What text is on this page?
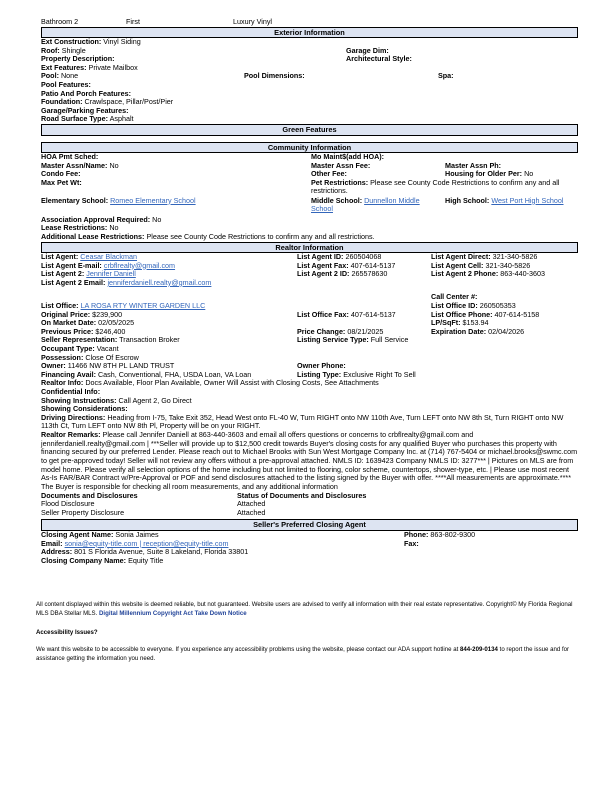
Bathroom 2	First	Luxury Vinyl
Exterior Information
Ext Construction: Vinyl Siding
Roof: Shingle	Garage Dim:
Property Description:	Architectural Style:
Ext Features: Private Mailbox
Pool: None	Pool Dimensions:	Spa:
Pool Features:
Patio And Porch Features:
Foundation: Crawlspace, Pillar/Post/Pier
Garage/Parking Features:
Road Surface Type: Asphalt
Green Features
Community Information
HOA Pmt Sched:	Mo Maint$(add HOA):
Master Assn/Name: No	Master Assn Fee:	Master Assn Ph:
Condo Fee:	Other Fee:	Housing for Older Per: No
Max Pet Wt:	Pet Restrictions: Please see County Code Restrictions to confirm any and all restrictions.
Elementary School: Romeo Elementary School	Middle School: Dunnellon Middle School
High School: West Port High School
Association Approval Required: No
Lease Restrictions: No
Additional Lease Restrictions: Please see County Code Restrictions to confirm any and all restrictions.
Realtor Information
List Agent: Ceasar Blackman	List Agent ID: 260504068	List Agent Direct: 321-340-5826
List Agent E-mail: crbflrealty@gmail.com	List Agent Fax: 407-614-5137	List Agent Cell: 321-340-5826
List Agent 2: Jennifer Daniell	List Agent 2 ID: 265578630	List Agent 2 Phone: 863-440-3603
List Agent 2 Email: jenniferdaniell.realty@gmail.com
Call Center #:
List Office: LA ROSA RTY WINTER GARDEN LLC	List Office ID: 260505353
Original Price: $239,900	List Office Fax: 407-614-5137	List Office Phone: 407-614-5158
On Market Date: 02/05/2025	LP/SqFt: $153.94
Previous Price: $246,400	Price Change: 08/21/2025	Expiration Date: 02/04/2026
Seller Representation: Transaction Broker	Listing Service Type: Full Service
Occupant Type: Vacant
Possession: Close Of Escrow
Owner: 11466 NW 8TH PL LAND TRUST	Owner Phone:
Financing Avail: Cash, Conventional, FHA, USDA Loan, VA Loan	Listing Type: Exclusive Right To Sell
Realtor Info: Docs Available, Floor Plan Available, Owner Will Assist with Closing Costs, See Attachments
Confidential Info:
Showing Instructions: Call Agent 2, Go Direct
Showing Considerations:
Driving Directions: Heading from I-75, Take Exit 352, Head West onto FL-40 W, Turn RIGHT onto NW 110th Ave, Turn LEFT onto NW 8th St, Turn RIGHT onto NW 113th Ct, Turn LEFT onto NW 8th Pl, Property will be on your RIGHT.
Realtor Remarks: Please call Jennifer Daniell at 863-440-3603 and email all offers questions or concerns to crbflrealty@gmail.com and jenniferdaniell.realty@gmail.com | ***Seller will provide up to $12,500 credit towards Buyer's closing costs for any qualified Buyer who purchases this property with financing secured by our preferred Lender. Please reach out to Michael Brooks with Sun West Mortgage Company Inc. at (714) 767-5404 or michael.brooks@swmc.com to get pre-approved today! Seller will not review any offers without a pre-approval attached. NMLS ID: 1639423 Company NMLS ID: 3277*** | Pictures on MLS are from model home. Please verify all selection options of the home including but not limited to flooring, color scheme, countertops, shower-type, etc. | Please use most recent As-Is FAR/BAR Contract w/Pre-Approval or POF and send disclosures attached to the listing signed by the Buyer with offer. ****All measurements are approximate.**** The Buyer is responsible for checking all room measurements, and any additional information
Documents and Disclosures	Status of Documents and Disclosures
Flood Disclosure	Attached
Seller Property Disclosure	Attached
Seller's Preferred Closing Agent
Closing Agent Name: Sonia Jaimes	Phone: 863-802-9300
Email: sonia@equity-title.com | reception@equity-title.com	Fax:
Address: 801 S Florida Avenue, Suite 8 Lakeland, Florida 33801
Closing Company Name: Equity Title
All content displayed within this website is deemed reliable, but not guaranteed. Website users are advised to verify all information with their real estate representative. Copyright© My Florida Regional MLS DBA Stellar MLS. Digital Millennium Copyright Act Take Down Notice
Accessibility Issues?
We want this website to be accessible to everyone. If you experience any accessibility problems using the website, please contact our ADA support hotline at 844-209-0134 to report the issue and for assistance getting the information you need.
